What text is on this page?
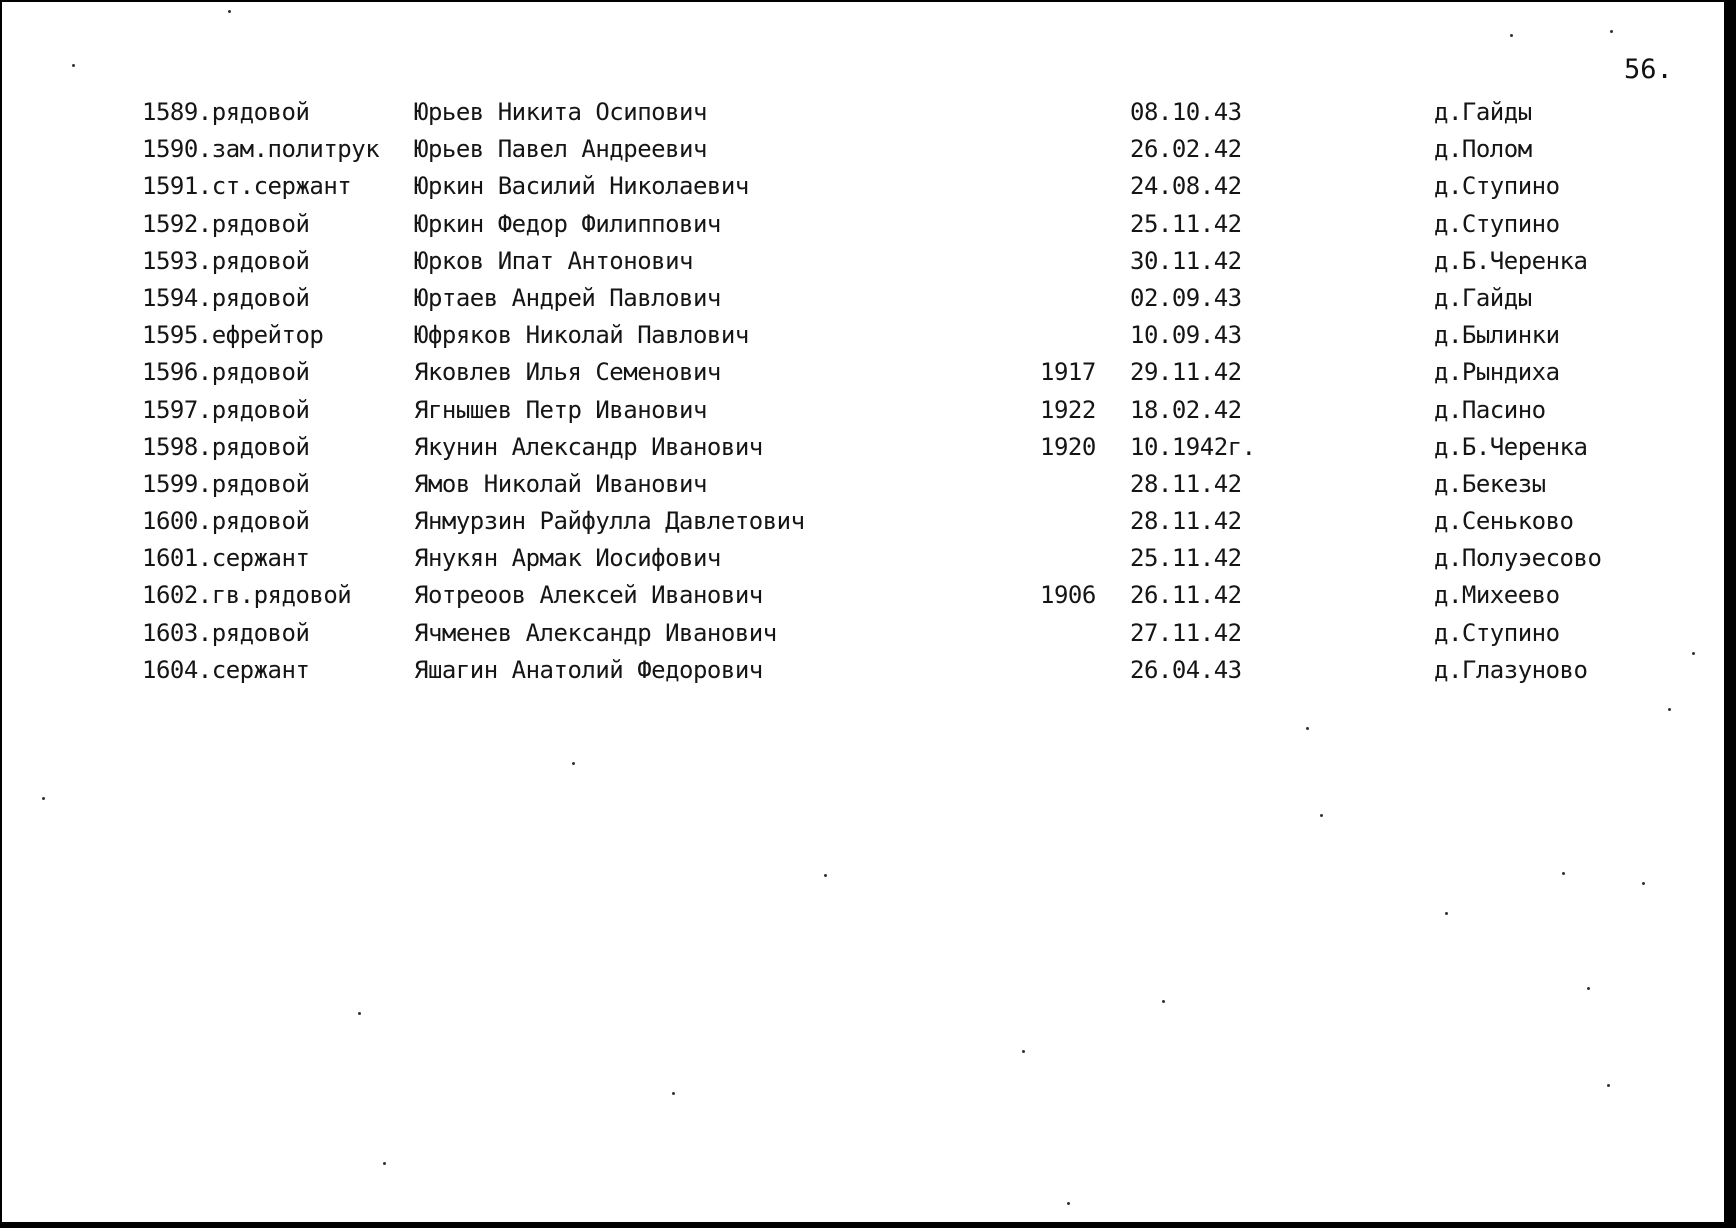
56.
1589.рядовой	Юрьев Никита Осипович	08.10.43	д.Гайды
1590.зам.политрук	Юрьев Павел Андреевич	26.02.42	д.Полом
1591.ст.сержант	Юркин Василий Николаевич	24.08.42	д.Ступино
1592.рядовой	Юркин Федор Филиппович	25.11.42	д.Ступино
1593.рядовой	Юрков Ипат Антонович	30.11.42	д.Б.Черенка
1594.рядовой	Юртаев Андрей Павлович	02.09.43	д.Гайды
1595.ефрейтор	Юфряков Николай Павлович	10.09.43	д.Былинки
1596.рядовой	Яковлев Илья Семенович	1917	29.11.42	д.Рындиха
1597.рядовой	Ягнышев Петр Иванович	1922	18.02.42	д.Пасино
1598.рядовой	Якунин Александр Иванович	1920	10.1942г.	д.Б.Черенка
1599.рядовой	Ямов Николай Иванович	28.11.42	д.Бекезы
1600.рядовой	Янмурзин Райфулла Давлетович	28.11.42	д.Сеньково
1601.сержант	Янукян Армак Иосифович	25.11.42	д.Полуэесово
1602.гв.рядовой	Яотреоов Алексей Иванович	1906	26.11.42	д.Михеево
1603.рядовой	Ячменев Александр Иванович	27.11.42	д.Ступино
1604.сержант	Яшагин Анатолий Федорович	26.04.43	д.Глазуново
